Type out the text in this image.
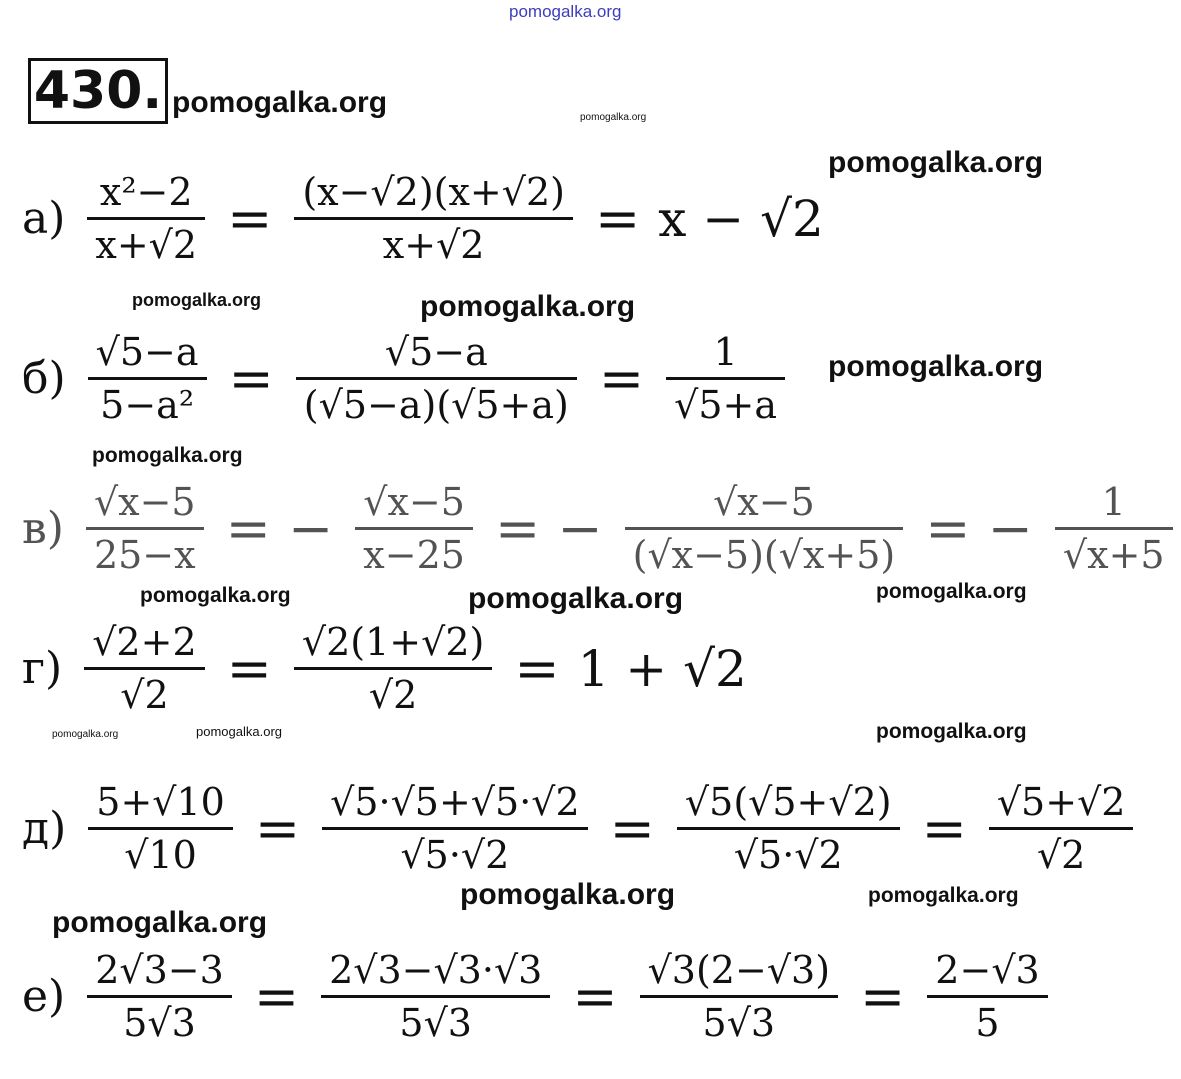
pomogalka.org
430. pomogalka.org	pomogalka.org
pomogalka.org
pomogalka.org	pomogalka.org
pomogalka.org
pomogalka.org
pomogalka.org	pomogalka.org	pomogalka.org
pomogalka.org	pomogalka.org	pomogalka.org
pomogalka.org	pomogalka.org
pomogalka.org
$а) \frac{\text{x²−2}}{x+√2} = \frac{(x-√2)(x+√2)}{x+√2} = x - √2$
$б) \frac{√5-a}{\text{5−a²}} = \frac{√5-a}{(√5-a)(√5+a)} = \frac{1}{√5+a}$
$в) \frac{√x-5}{25-x}$ = − $\frac{√x-5}{x-25}$ = − $\frac{√x-5}{(√x-5)(√x+5)}$ = − $\frac{1}{√x+5}$
$г) \frac{√2+2}{√2} = \frac{√2(1+√2)}{√2} = 1 + √2$
$д) \frac{5+√10}{√10} = \frac{√5\cdot√5+√5\cdot√2}{√5\cdot√2} = \frac{√5(√5+√2)}{√5\cdot√2} = \frac{√5+√2}{√2}$
$е) \frac{2√3-3}{5√3} = \frac{2√3-√3\cdot√3}{5√3} = \frac{√3(2-√3)}{5√3} = \frac{2-√3}{5}$
